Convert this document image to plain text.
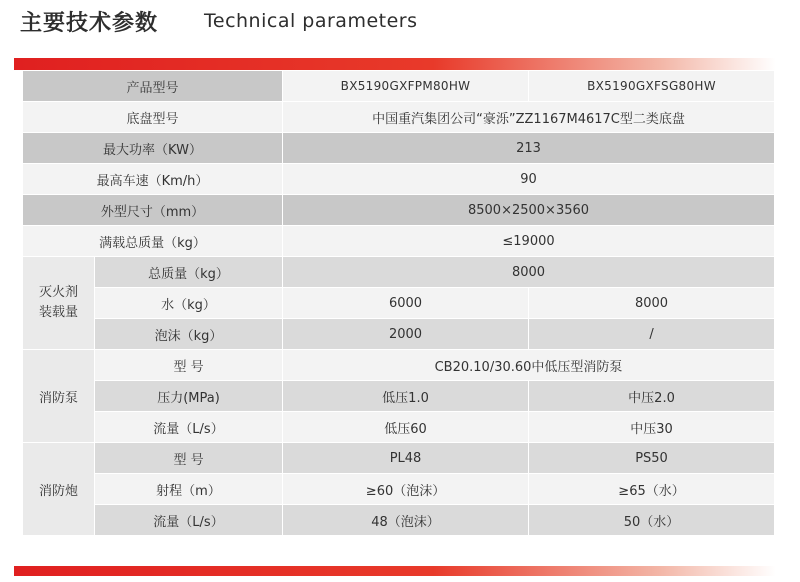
主要技术参数 Technical parameters
产品型号		BX5190GXFPM80HW	BX5190GXFSG80HW
底盘型号		中国重汽集团公司“豪泺”ZZ1167M4617C型二类底盘	
最大功率（KW）		213	
最高车速（Km/h）		90	
外型尺寸（mm）		8500×2500×3560	
满载总质量（kg）		≤19000	
灭火剂装载量	总质量（kg）	8000	
	水（kg）	6000	8000
	泡沫（kg）	2000	/
消防泵	型 号	CB20.10/30.60中低压型消防泵	
	压力(MPa)	低压1.0	中压2.0
	流量（L/s）	低压60	中压30
消防炮	型 号	PL48	PS50
	射程（m）	≥60（泡沫）	≥65（水）
	流量（L/s）	48（泡沫）	50（水）
